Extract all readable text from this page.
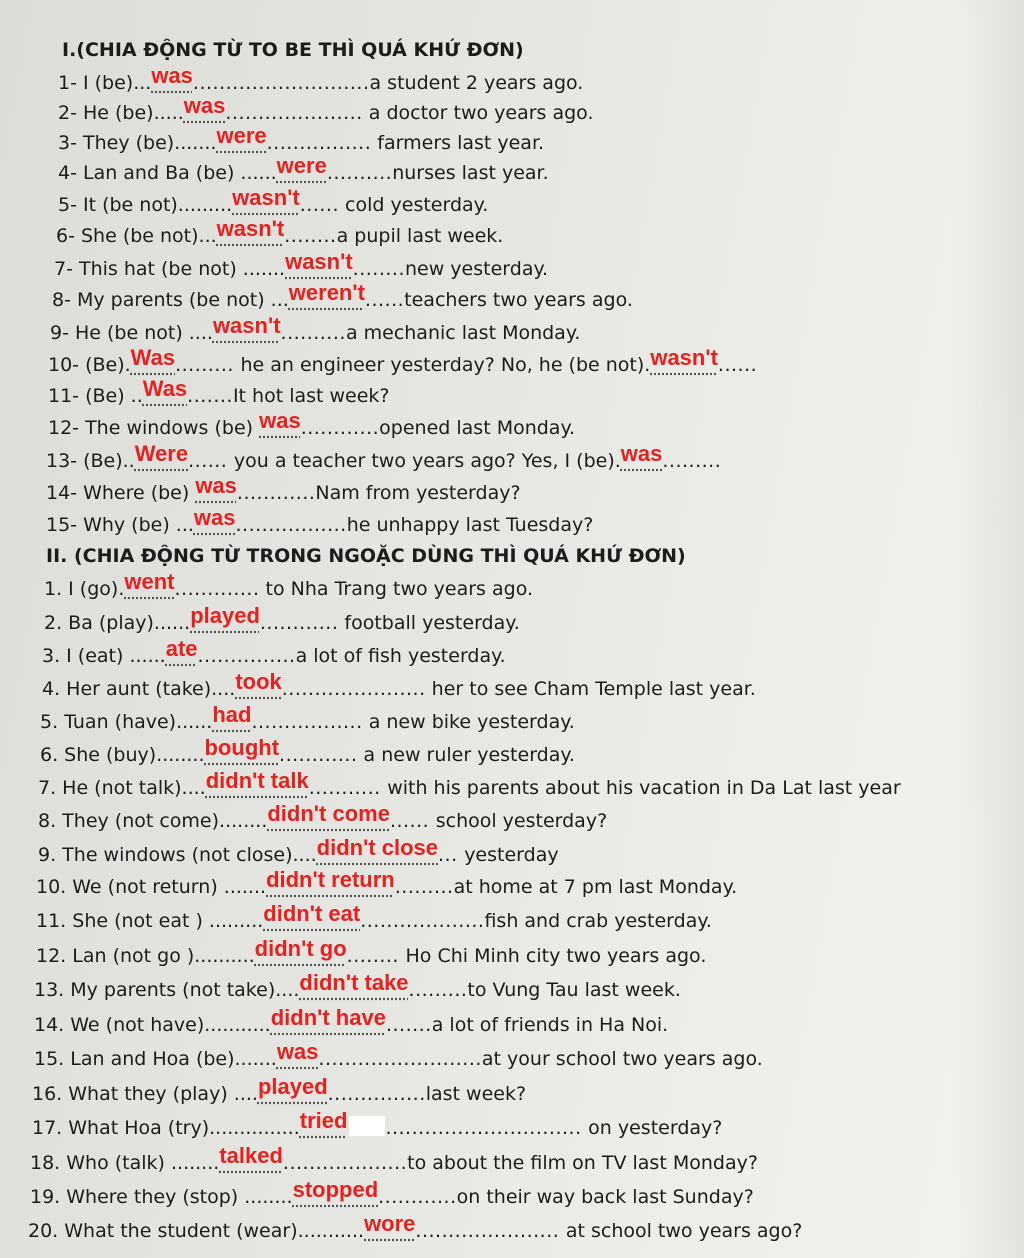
I.(CHIA ĐỘNG TỪ TO BE THÌ QUÁ KHỨ ĐƠN)
1- I (be)...was...........................a student 2 years ago.
2- He (be).....was..................... a doctor two years ago.
3- They (be).......were................ farmers last year.
4- Lan and Ba (be) ......were..........nurses last year.
5- It (be not).........wasn't...... cold yesterday.
6- She (be not)...wasn't........a pupil last week.
7- This hat (be not) .......wasn't........new yesterday.
8- My parents (be not) ...weren't......teachers two years ago.
9- He (be not) ....wasn't..........a mechanic last Monday.
10- (Be).Was......... he an engineer yesterday? No, he (be not).wasn't......
11- (Be) ..Was.......It hot last week?
12- The windows (be) was............opened last Monday.
13- (Be)..Were...... you a teacher two years ago? Yes, I (be).was.........
14- Where (be) was............Nam from yesterday?
15- Why (be) ...was.................he unhappy last Tuesday?
II. (CHIA ĐỘNG TỪ TRONG NGOẶC DÙNG THÌ QUÁ KHỨ ĐƠN)
1. I (go).went............. to Nha Trang two years ago.
2. Ba (play)......played............ football yesterday.
3. I (eat) ......ate...............a lot of fish yesterday.
4. Her aunt (take)....took...................... her to see Cham Temple last year.
5. Tuan (have)......had................. a new bike yesterday.
6. She (buy)........bought............ a new ruler yesterday.
7. He (not talk)....didn't talk........... with his parents about his vacation in Da Lat last year
8. They (not come)........didn't come...... school yesterday?
9. The windows (not close)....didn't close... yesterday
10. We (not return) .......didn't return.........at home at 7 pm last Monday.
11. She (not eat ) .........didn't eat...................fish and crab yesterday.
12. Lan (not go )..........didn't go........ Ho Chi Minh city two years ago.
13. My parents (not take)....didn't take.........to Vung Tau last week.
14. We (not have)...........didn't have.......a lot of friends in Ha Noi.
15. Lan and Hoa (be).......was.........................at your school two years ago.
16. What they (play) ....played...............last week?
17. What Hoa (try)...............tried .............................. on yesterday?
18. Who (talk) ........talked...................to about the film on TV last Monday?
19. Where they (stop) ........stopped............on their way back last Sunday?
20. What the student (wear)...........wore...................... at school two years ago?
